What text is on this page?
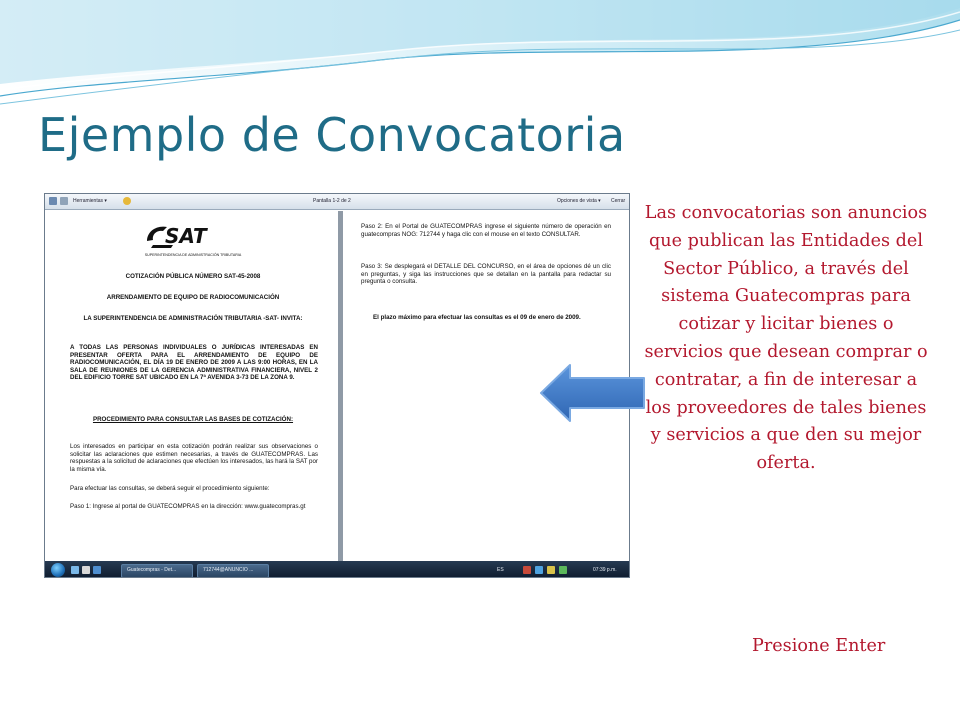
Ejemplo de Convocatoria
Herramientas ▾	Pantalla 1-2 de 2	Opciones de vista ▾ Cerrar
SAT
SUPERINTENDENCIA DE ADMINISTRACIÓN TRIBUTARIA
COTIZACIÓN PÚBLICA NÚMERO SAT-45-2008
ARRENDAMIENTO DE EQUIPO DE RADIOCOMUNICACIÓN
LA SUPERINTENDENCIA DE ADMINISTRACIÓN TRIBUTARIA -SAT- INVITA:
A TODAS LAS PERSONAS INDIVIDUALES O JURÍDICAS INTERESADAS EN PRESENTAR OFERTA PARA EL ARRENDAMIENTO DE EQUIPO DE RADIOCOMUNICACIÓN, EL DÍA 19 DE ENERO DE 2009 A LAS 9:00 HORAS, EN LA SALA DE REUNIONES DE LA GERENCIA ADMINISTRATIVA FINANCIERA, NIVEL 2 DEL EDIFICIO TORRE SAT UBICADO EN LA 7ª AVENIDA 3-73 DE LA ZONA 9.
PROCEDIMIENTO PARA CONSULTAR LAS BASES DE COTIZACIÓN:
Los interesados en participar en esta cotización podrán realizar sus observaciones o solicitar las aclaraciones que estimen necesarias, a través de GUATECOMPRAS. Las respuestas a la solicitud de aclaraciones que efectúen los interesados, las hará la SAT por la misma vía.
Para efectuar las consultas, se deberá seguir el procedimiento siguiente:
Paso 1: Ingrese al portal de GUATECOMPRAS en la dirección: www.guatecompras.gt
Paso 2: En el Portal de GUATECOMPRAS ingrese el siguiente número de operación en guatecompras NOG: 712744 y haga clic con el mouse en el texto CONSULTAR.
Paso 3: Se desplegará el DETALLE DEL CONCURSO, en el área de opciones dé un clic en preguntas, y siga las instrucciones que se detallan en la pantalla para redactar su pregunta o consulta.
El plazo máximo para efectuar las consultas es el 09 de enero de 2009.
Guatecompras - Det...	712744@ANUNCIO ...	ES	07:39 p.m.
Las convocatorias son anuncios que publican las Entidades del Sector Público, a través del sistema Guatecompras para cotizar y licitar bienes o servicios que desean comprar o contratar, a fin de interesar a los proveedores de tales bienes y servicios a que den su mejor oferta.
Presione Enter
